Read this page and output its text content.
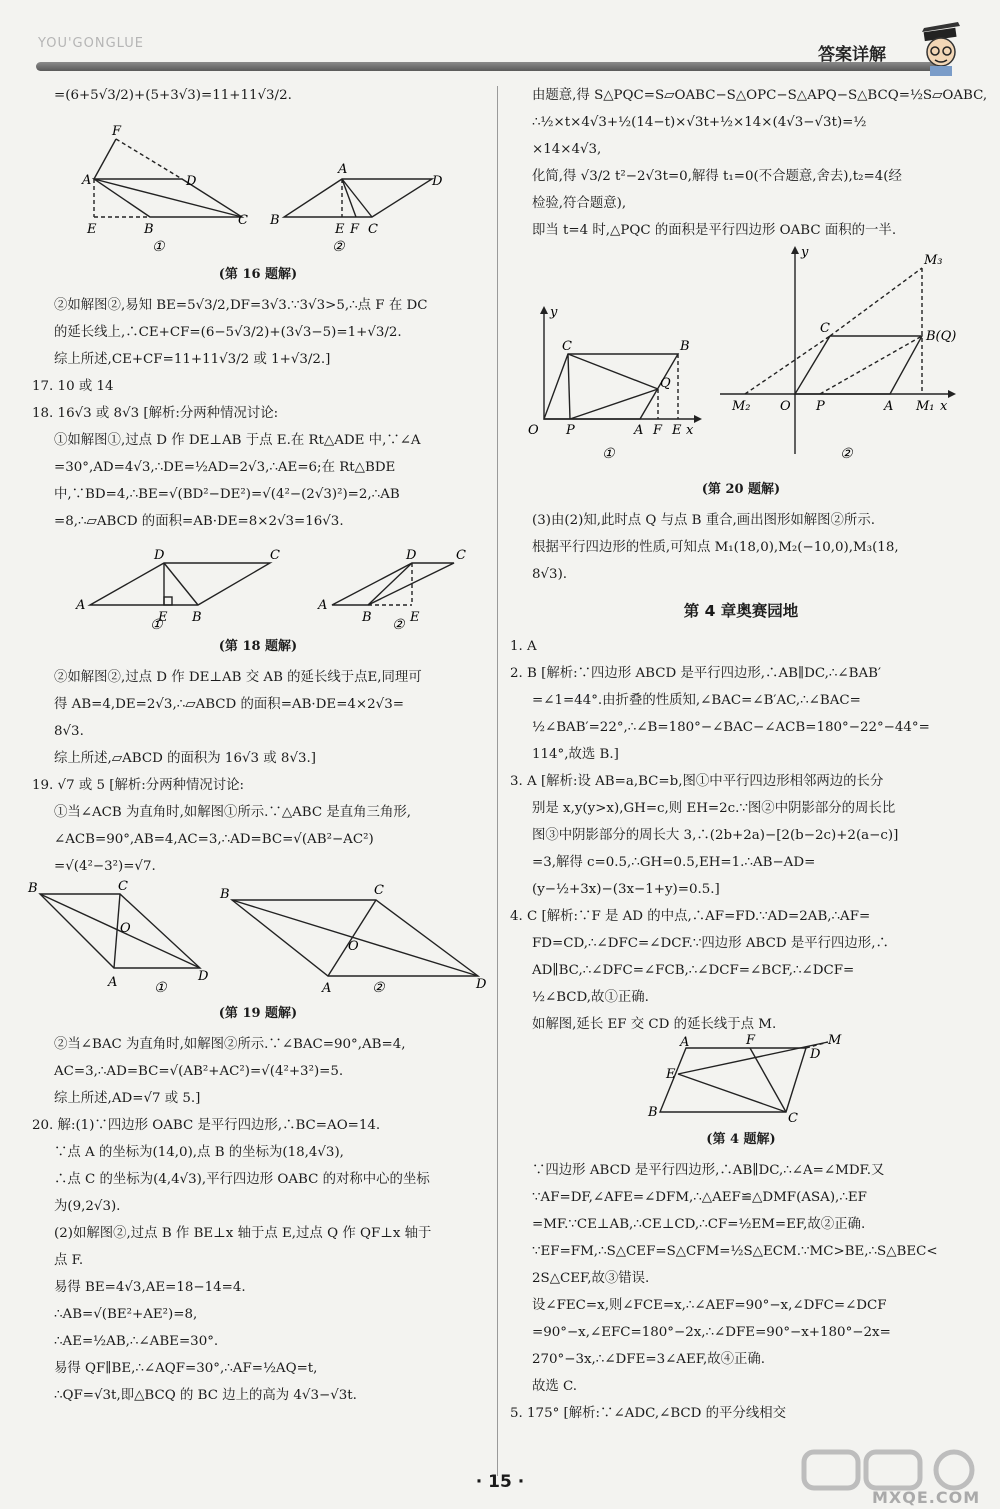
YOU'GONGLUE
答案详解

=(6+5√3/2)+(5+3√3)=11+11√3/2.

F
A	D
E	B
C
A
D
B
E F C
①	②
(第 16 题解)

②如解图②,易知 BE=5√3/2,DF=3√3.∵3√3>5,∴点 F 在 DC

的延长线上,∴CE+CF=(6−5√3/2)+(3√3−5)=1+√3/2.

综上所述,CE+CF=11+11√3/2 或 1+√3/2.]

17. 10 或 14

18. 16√3 或 8√3 [解析:分两种情况讨论:

①如解图①,过点 D 作 DE⊥AB 于点 E.在 Rt△ADE 中,∵∠A

=30°,AD=4√3,∴DE=½AD=2√3,∴AE=6;在 Rt△BDE

中,∵BD=4,∴BE=√(BD²−DE²)=√(4²−(2√3)²)=2,∴AB

=8,∴▱ABCD 的面积=AB·DE=8×2√3=16√3.

D	C
A
E B
D	C
A
B	E
①	②
(第 18 题解)

②如解图②,过点 D 作 DE⊥AB 交 AB 的延长线于点E,同理可

得 AB=4,DE=2√3,∴▱ABCD 的面积=AB·DE=4×2√3=

8√3.

综上所述,▱ABCD 的面积为 16√3 或 8√3.]

19. √7 或 5 [解析:分两种情况讨论:

①当∠ACB 为直角时,如解图①所示.∵△ABC 是直角三角形,

∠ACB=90°,AB=4,AC=3,∴AD=BC=√(AB²−AC²)

=√(4²−3²)=√7.

B	C
O
A	D
B	C
O
A	D
①	②
(第 19 题解)

②当∠BAC 为直角时,如解图②所示.∵∠BAC=90°,AB=4,

AC=3,∴AD=BC=√(AB²+AC²)=√(4²+3²)=5.

综上所述,AD=√7 或 5.]

20. 解:(1)∵四边形 OABC 是平行四边形,∴BC=AO=14.

∵点 A 的坐标为(14,0),点 B 的坐标为(18,4√3),

∴点 C 的坐标为(4,4√3),平行四边形 OABC 的对称中心的坐标

为(9,2√3).

(2)如解图②,过点 B 作 BE⊥x 轴于点 E,过点 Q 作 QF⊥x 轴于

点 F.

易得 BE=4√3,AE=18−14=4.

∴AB=√(BE²+AE²)=8,

∴AE=½AB,∴∠ABE=30°.

易得 QF∥BE,∴∠AQF=30°,∴AF=½AQ=t,

∴QF=√3t,即△BCQ 的 BC 边上的高为 4√3−√3t.

由题意,得 S△PQC=S▱OABC−S△OPC−S△APQ−S△BCQ=½S▱OABC,

∴½×t×4√3+½(14−t)×√3t+½×14×(4√3−√3t)=½

×14×4√3,

化简,得 √3/2 t²−2√3t=0,解得 t₁=0(不合题意,舍去),t₂=4(经

检验,符合题意),

即当 t=4 时,△PQC 的面积是平行四边形 OABC 面积的一半.

y
C	B
Q
O P	A F E x
y
M₃
C
B(Q)
M₂ O P	A M₁ x
①	②
(第 20 题解)

(3)由(2)知,此时点 Q 与点 B 重合,画出图形如解图②所示.

根据平行四边形的性质,可知点 M₁(18,0),M₂(−10,0),M₃(18,

8√3).

第 4 章奥赛园地

1. A

2. B [解析:∵四边形 ABCD 是平行四边形,∴AB∥DC,∴∠BAB′

=∠1=44°.由折叠的性质知,∠BAC=∠B′AC,∴∠BAC=

½∠BAB′=22°,∴∠B=180°−∠BAC−∠ACB=180°−22°−44°=

114°,故选 B.]

3. A [解析:设 AB=a,BC=b,图①中平行四边形相邻两边的长分

别是 x,y(y>x),GH=c,则 EH=2c.∵图②中阴影部分的周长比

图③中阴影部分的周长大 3,∴(2b+2a)−[2(b−2c)+2(a−c)]

=3,解得 c=0.5,∴GH=0.5,EH=1.∴AB−AD=

(y−½+3x)−(3x−1+y)=0.5.]

4. C [解析:∵F 是 AD 的中点,∴AF=FD.∵AD=2AB,∴AF=

FD=CD,∴∠DFC=∠DCF.∵四边形 ABCD 是平行四边形,∴

AD∥BC,∴∠DFC=∠FCB,∴∠DCF=∠BCF,∴∠DCF=

½∠BCD,故①正确.

如解图,延长 EF 交 CD 的延长线于点 M.

A	F	M
D
E
B	C
(第 4 题解)

∵四边形 ABCD 是平行四边形,∴AB∥DC,∴∠A=∠MDF.又

∵AF=DF,∠AFE=∠DFM,∴△AEF≌△DMF(ASA),∴EF

=MF.∵CE⊥AB,∴CE⊥CD,∴CF=½EM=EF,故②正确.

∵EF=FM,∴S△CEF=S△CFM=½S△ECM.∵MC>BE,∴S△BEC<

2S△CEF,故③错误.

设∠FEC=x,则∠FCE=x,∴∠AEF=90°−x,∠DFC=∠DCF

=90°−x,∠EFC=180°−2x,∴∠DFE=90°−x+180°−2x=

270°−3x,∴∠DFE=3∠AEF,故④正确.

故选 C.

5. 175° [解析:∵∠ADC,∠BCD 的平分线相交

· 15 ·
MXQE.COM
